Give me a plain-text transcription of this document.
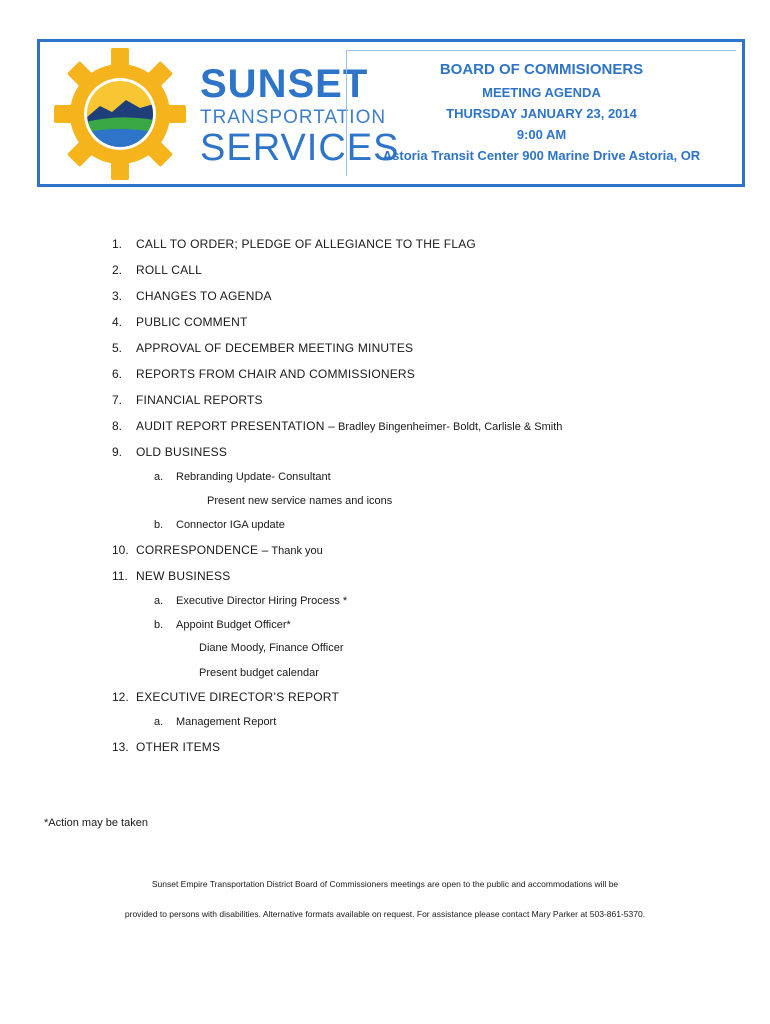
SUNSET
TRANSPORTATION
SERVICES
BOARD OF COMMISIONERS
MEETING AGENDA
THURSDAY JANUARY 23, 2014
9:00 AM
Astoria Transit Center 900 Marine Drive Astoria, OR
1. CALL TO ORDER; PLEDGE OF ALLEGIANCE TO THE FLAG
2. ROLL CALL
3. CHANGES TO AGENDA
4. PUBLIC COMMENT
5. APPROVAL OF DECEMBER MEETING MINUTES
6. REPORTS FROM CHAIR AND COMMISSIONERS
7. FINANCIAL REPORTS
8. AUDIT REPORT PRESENTATION – Bradley Bingenheimer- Boldt, Carlisle & Smith
9. OLD BUSINESS
a. Rebranding Update- Consultant
Present new service names and icons
b. Connector IGA update
10. CORRESPONDENCE – Thank you
11. NEW BUSINESS
a. Executive Director Hiring Process *
b. Appoint Budget Officer*
Diane Moody, Finance Officer
Present budget calendar
12. EXECUTIVE DIRECTOR’S REPORT
a. Management Report
13. OTHER ITEMS
*Action may be taken
Sunset Empire Transportation District Board of Commissioners meetings are open to the public and accommodations will be
provided to persons with disabilities. Alternative formats available on request. For assistance please contact Mary Parker at 503-861-5370.
